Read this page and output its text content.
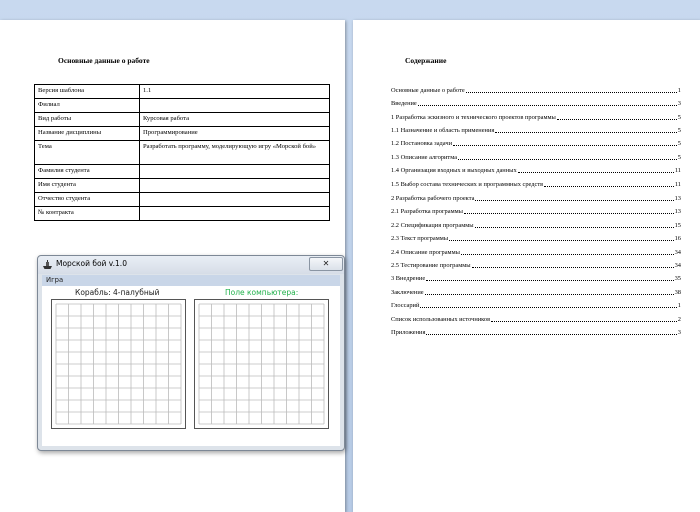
Основные данные о работе
Версия шаблона	1.1
Филиал	
Вид работы	Курсовая работа
Название дисциплины	Программирование
Тема	Разработать программу, моделирующую игру «Морской бой»
Фамилия студента	
Имя студента	
Отчество студента	
№ контракта	
Содержание
Основные данные о работе	1
Введение	3
1 Разработка эскизного и технического проектов программы	5
1.1 Назначение и область применения	5
1.2 Постановка задачи	5
1.3 Описание алгоритма	5
1.4 Организация входных и выходных данных	11
1.5 Выбор состава технических и программных средств	11
2 Разработка рабочего проекта	13
2.1 Разработка программы	13
2.2 Спецификация программы	15
2.3 Текст программы	16
2.4 Описание программы	34
2.5 Тестирование программы	34
3 Внедрение	35
Заключение	38
Глоссарий	1
Список использованных источников	2
Приложения	3
Морской бой v.1.0	✕
Игра
Корабль: 4-палубный	Поле компьютера:
